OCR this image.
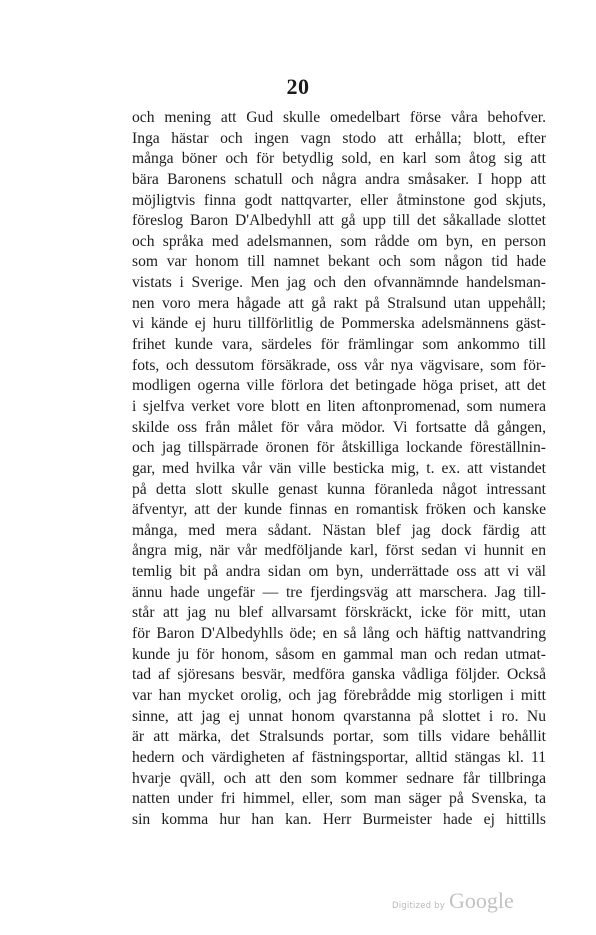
20
och mening att Gud skulle omedelbart förse våra behofver.
Inga hästar och ingen vagn stodo att erhålla; blott, efter
många böner och för betydlig sold, en karl som åtog sig att
bära Baronens schatull och några andra småsaker. I hopp att
möjligtvis finna godt nattqvarter, eller åtminstone god skjuts,
föreslog Baron D'Albedyhll att gå upp till det såkallade slottet
och språka med adelsmannen, som rådde om byn, en person
som var honom till namnet bekant och som någon tid hade
vistats i Sverige. Men jag och den ofvannämnde handelsman-
nen voro mera hågade att gå rakt på Stralsund utan uppehåll;
vi kände ej huru tillförlitlig de Pommerska adelsmännens gäst-
frihet kunde vara, särdeles för främlingar som ankommo till
fots, och dessutom försäkrade, oss vår nya vägvisare, som för-
modligen ogerna ville förlora det betingade höga priset, att det
i sjelfva verket vore blott en liten aftonpromenad, som numera
skilde oss från målet för våra mödor. Vi fortsatte då gången,
och jag tillspärrade öronen för åtskilliga lockande föreställnin-
gar, med hvilka vår vän ville besticka mig, t. ex. att vistandet
på detta slott skulle genast kunna föranleda något intressant
äfventyr, att der kunde finnas en romantisk fröken och kanske
många, med mera sådant. Nästan blef jag dock färdig att
ångra mig, när vår medföljande karl, först sedan vi hunnit en
temlig bit på andra sidan om byn, underrättade oss att vi väl
ännu hade ungefär — tre fjerdingsväg att marschera. Jag till-
står att jag nu blef allvarsamt förskräckt, icke för mitt, utan
för Baron D'Albedyhlls öde; en så lång och häftig nattvandring
kunde ju för honom, såsom en gammal man och redan utmat-
tad af sjöresans besvär, medföra ganska vådliga följder. Också
var han mycket orolig, och jag förebrådde mig storligen i mitt
sinne, att jag ej unnat honom qvarstanna på slottet i ro. Nu
är att märka, det Stralsunds portar, som tills vidare behållit
hedern och värdigheten af fästningsportar, alltid stängas kl. 11
hvarje qväll, och att den som kommer sednare får tillbringa
natten under fri himmel, eller, som man säger på Svenska, ta
sin komma hur han kan. Herr Burmeister hade ej hittills
Digitized by Google
